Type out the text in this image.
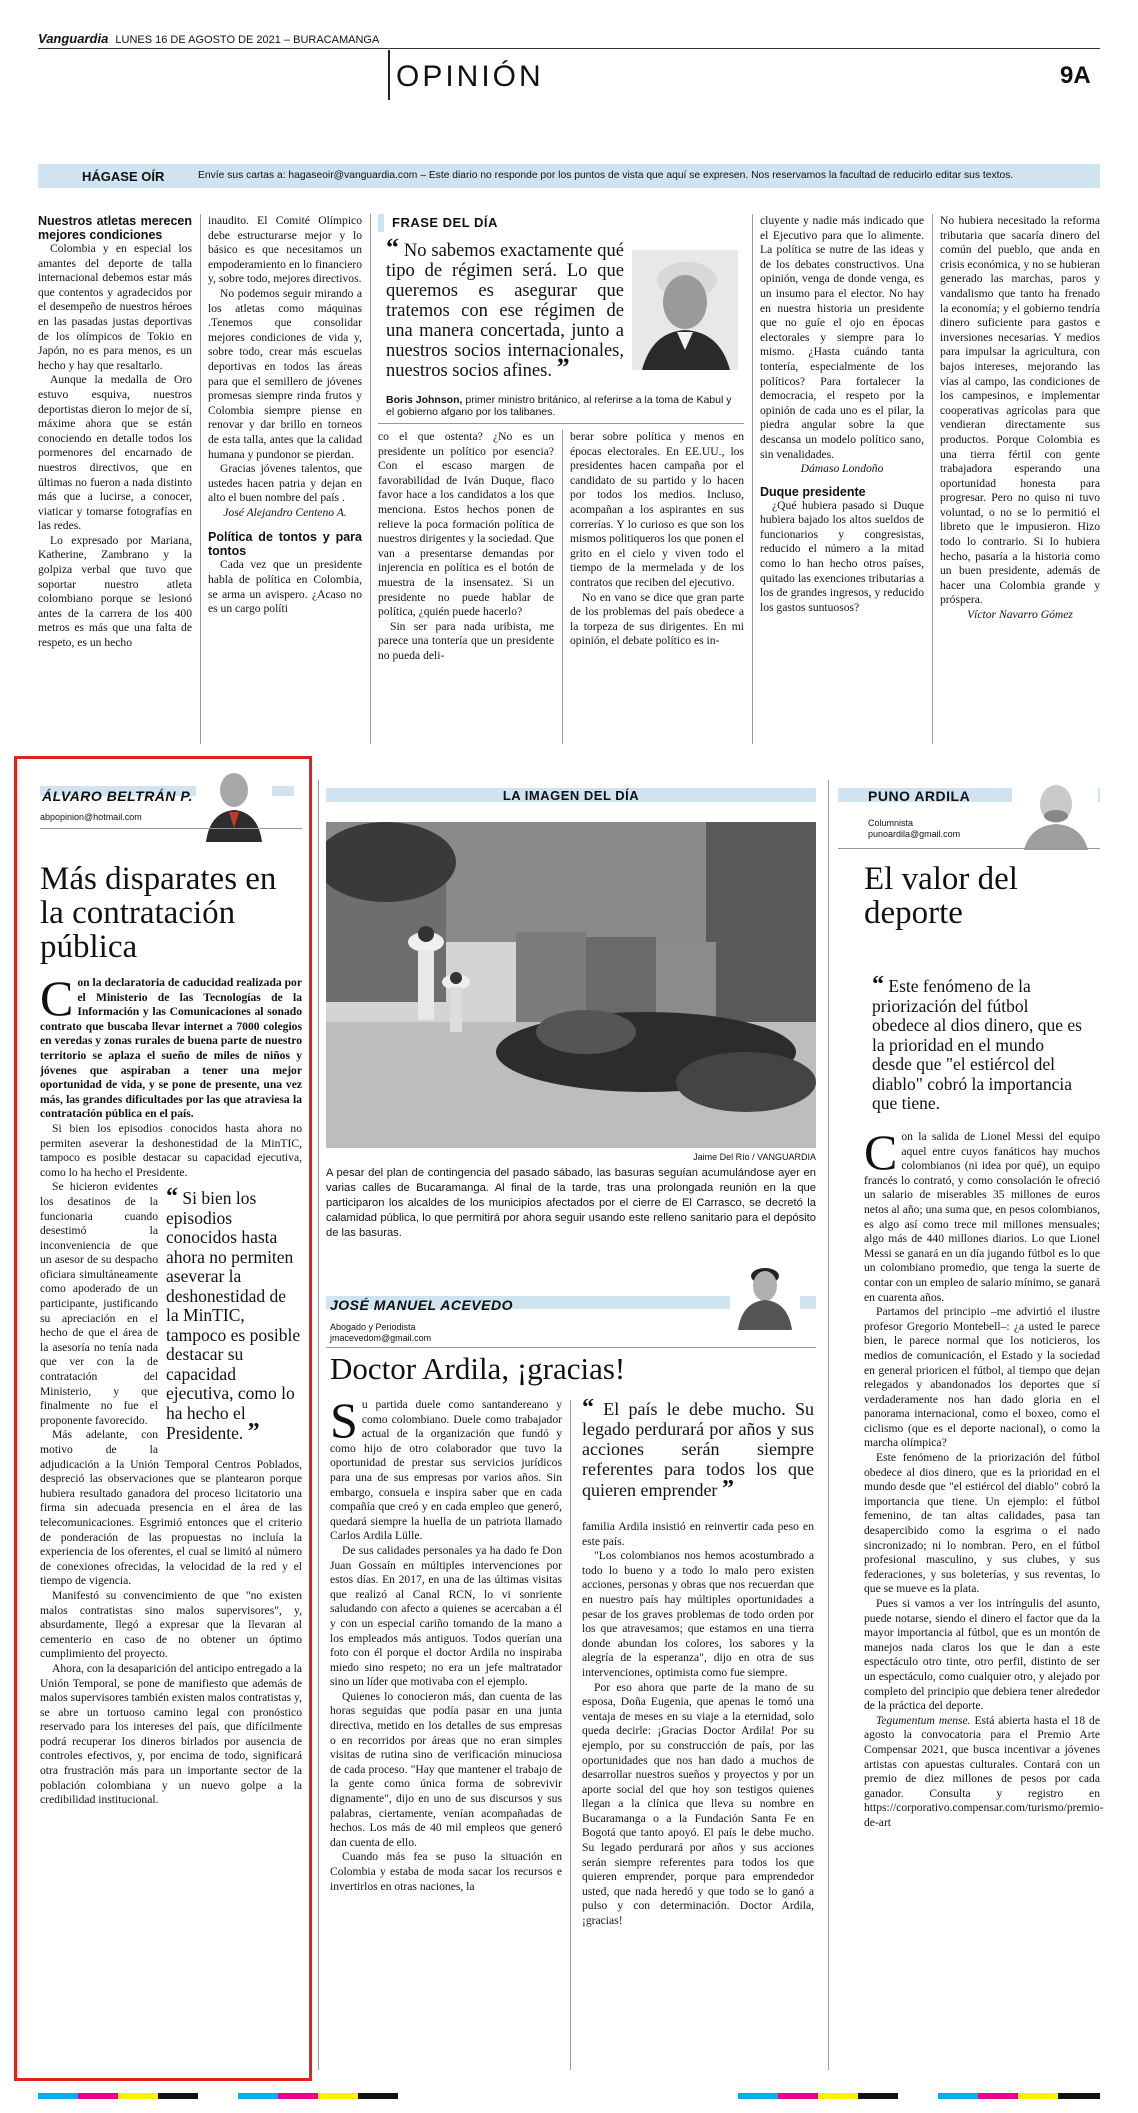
Vanguardia LUNES 16 DE AGOSTO DE 2021 – BURACAMANGA
OPINIÓN	9A
HÁGASE OÍR	Envíe sus cartas a: hagaseoir@vanguardia.com – Este diario no responde por los puntos de vista que aquí se expresen. Nos reservamos la facultad de reducirlo editar sus textos.
Nuestros atletas merecen mejores condiciones

Colombia y en especial los amantes del deporte de talla internacional debemos estar más que contentos y agradecidos por el desempeño de nuestros héroes en las pasadas justas deportivas de los olímpicos de Tokio en Japón, no es para menos, es un hecho y hay que resaltarlo.

Aunque la medalla de Oro estuvo esquiva, nuestros deportistas dieron lo mejor de sí, máxime ahora que se están conociendo en detalle todos los pormenores del encarnado de nuestros directivos, que en últimas no fueron a nada distinto más que a lucirse, a conocer, viaticar y tomarse fotografías en las redes.

Lo expresado por Mariana, Katherine, Zambrano y la golpiza verbal que tuvo que soportar nuestro atleta colombiano porque se lesionó antes de la carrera de los 400 metros es más que una falta de respeto, es un hecho

inaudito. El Comité Olímpico debe estructurarse mejor y lo básico es que necesitamos un empoderamiento en lo financiero y, sobre todo, mejores directivos.

No podemos seguir mirando a los atletas como máquinas .Tenemos que consolidar mejores condiciones de vida y, sobre todo, crear más escuelas deportivas en todos las áreas para que el semillero de jóvenes promesas siempre rinda frutos y Colombia siempre piense en renovar y dar brillo en torneos de esta talla, antes que la calidad humana y pundonor se pierdan.

Gracias jóvenes talentos, que ustedes hacen patria y dejan en alto el buen nombre del país .

José Alejandro Centeno A.

Política de tontos y para tontos

Cada vez que un presidente habla de política en Colombia, se arma un avispero. ¿Acaso no es un cargo políti

FRASE DEL DÍA
“ No sabemos exactamente qué tipo de régimen será. Lo que queremos es asegurar que tratemos con ese régimen de una manera concertada, junto a nuestros socios internacionales, nuestros socios afines. ”
Boris Johnson, primer ministro británico, al referirse a la toma de Kabul y el gobierno afgano por los talibanes.

co el que ostenta? ¿No es un presidente un político por esencia? Con el escaso margen de favorabilidad de Iván Duque, flaco favor hace a los candidatos a los que menciona. Estos hechos ponen de relieve la poca formación política de nuestros dirigentes y la sociedad. Que van a presentarse demandas por injerencia en política es el botón de muestra de la insensatez. Si un presidente no puede hablar de política, ¿quién puede hacerlo?

Sin ser para nada uribista, me parece una tontería que un presidente no pueda deli-

berar sobre política y menos en épocas electorales. En EE.UU., los presidentes hacen campaña por el candidato de su partido y lo hacen por todos los medios. Incluso, acompañan a los aspirantes en sus correrías. Y lo curioso es que son los mismos politiqueros los que ponen el grito en el cielo y viven todo el tiempo de la mermelada y de los contratos que reciben del ejecutivo.

No en vano se dice que gran parte de los problemas del país obedece a la torpeza de sus dirigentes. En mi opinión, el debate político es in-

cluyente y nadie más indicado que el Ejecutivo para que lo alimente. La política se nutre de las ideas y de los debates constructivos. Una opinión, venga de donde venga, es un insumo para el elector. No hay en nuestra historia un presidente que no guíe el ojo en épocas electorales y siempre para lo mismo. ¿Hasta cuándo tanta tontería, especialmente de los políticos? Para fortalecer la democracia, el respeto por la opinión de cada uno es el pilar, la piedra angular sobre la que descansa un modelo político sano, sin venalidades.

Dámaso Londoño

Duque presidente

¿Qué hubiera pasado si Duque hubiera bajado los altos sueldos de funcionarios y congresistas, reducido el número a la mitad como lo han hecho otros países, quitado las exenciones tributarias a los de grandes ingresos, y reducido los gastos suntuosos?

No hubiera necesitado la reforma tributaria que sacaría dinero del común del pueblo, que anda en crisis económica, y no se hubieran generado las marchas, paros y vandalismo que tanto ha frenado la economía; y el gobierno tendría dinero suficiente para gastos e inversiones necesarias. Y medios para impulsar la agricultura, con bajos intereses, mejorando las vías al campo, las condiciones de los campesinos, e implementar cooperativas agrícolas para que vendieran directamente sus productos. Porque Colombia es una tierra fértil con gente trabajadora esperando una oportunidad honesta para progresar. Pero no quiso ni tuvo voluntad, o no se lo permitió el libreto que le impusieron. Hizo todo lo contrario. Si lo hubiera hecho, pasaría a la historia como un buen presidente, además de hacer una Colombia grande y próspera.

Víctor Navarro Gómez

ÁLVARO BELTRÁN P.
abpopinion@hotmail.com
Más disparates en la contratación pública

C on la declaratoria de caducidad realizada por el Ministerio de las Tecnologías de la Información y las Comunicaciones al sonado contrato que buscaba llevar internet a 7000 colegios en veredas y zonas rurales de buena parte de nuestro territorio se aplaza el sueño de miles de niños y jóvenes que aspiraban a tener una mejor oportunidad de vida, y se pone de presente, una vez más, las grandes dificultades por las que atraviesa la contratación pública en el país.

Si bien los episodios conocidos hasta ahora no permiten aseverar la deshonestidad de la MinTIC, tampoco es posible destacar su capacidad ejecutiva, como lo ha hecho el Presidente.

“ Si bien los episodios conocidos hasta ahora no permiten aseverar la deshonestidad de la MinTIC, tampoco es posible destacar su capacidad ejecutiva, como lo ha hecho el Presidente. ”

Se hicieron evidentes los desatinos de la funcionaria cuando desestimó la inconveniencia de que un asesor de su despacho oficiara simultáneamente como apoderado de un participante, justificando su apreciación en el hecho de que el área de la asesoría no tenía nada que ver con la de contratación del Ministerio, y que finalmente no fue el proponente favorecido.

Más adelante, con motivo de la adjudicación a la Unión Temporal Centros Poblados, despreció las observaciones que se plantearon porque hubiera resultado ganadora del proceso licitatorio una firma sin adecuada presencia en el área de las telecomunicaciones. Esgrimió entonces que el criterio de ponderación de las propuestas no incluía la experiencia de los oferentes, el cual se limitó al número de conexiones ofrecidas, la velocidad de la red y el tiempo de vigencia.

Manifestó su convencimiento de que "no existen malos contratistas sino malos supervisores", y, absurdamente, llegó a expresar que la llevaran al cementerio en caso de no obtener un óptimo cumplimiento del proyecto.

Ahora, con la desaparición del anticipo entregado a la Unión Temporal, se pone de manifiesto que además de malos supervisores también existen malos contratistas y, se abre un tortuoso camino legal con pronóstico reservado para los intereses del país, que difícilmente podrá recuperar los dineros birlados por ausencia de controles efectivos, y, por encima de todo, significará otra frustración más para un importante sector de la población colombiana y un nuevo golpe a la credibilidad institucional.

LA IMAGEN DEL DÍA
Jaime Del Río / VANGUARDIA
A pesar del plan de contingencia del pasado sábado, las basuras seguían acumulándose ayer en varias calles de Bucaramanga. Al final de la tarde, tras una prolongada reunión en la que participaron los alcaldes de los municipios afectados por el cierre de El Carrasco, se decretó la calamidad pública, lo que permitirá por ahora seguir usando este relleno sanitario para el depósito de las basuras.
JOSÉ MANUEL ACEVEDO
Abogado y Periodista
jmacevedom@gmail.com
Doctor Ardila, ¡gracias!

S u partida duele como santandereano y como colombiano. Duele como trabajador actual de la organización que fundó y como hijo de otro colaborador que tuvo la oportunidad de prestar sus servicios jurídicos para una de sus empresas por varios años. Sin embargo, consuela e inspira saber que en cada compañía que creó y en cada empleo que generó, quedará siempre la huella de un patriota llamado Carlos Ardila Lülle.

De sus calidades personales ya ha dado fe Don Juan Gossaín en múltiples intervenciones por estos días. En 2017, en una de las últimas visitas que realizó al Canal RCN, lo vi sonriente saludando con afecto a quienes se acercaban a él y con un especial cariño tomando de la mano a los empleados más antiguos. Todos querían una foto con él porque el doctor Ardila no inspiraba miedo sino respeto; no era un jefe maltratador sino un líder que motivaba con el ejemplo.

Quienes lo conocieron más, dan cuenta de las horas seguidas que podía pasar en una junta directiva, metido en los detalles de sus empresas o en recorridos por áreas que no eran simples visitas de rutina sino de verificación minuciosa de cada proceso. "Hay que mantener el trabajo de la gente como única forma de sobrevivir dignamente", dijo en uno de sus discursos y sus palabras, ciertamente, venían acompañadas de hechos. Los más de 40 mil empleos que generó dan cuenta de ello.

Cuando más fea se puso la situación en Colombia y estaba de moda sacar los recursos e invertirlos en otras naciones, la

“ El país le debe mucho. Su legado perdurará por años y sus acciones serán siempre referentes para todos los que quieren emprender ”

familia Ardila insistió en reinvertir cada peso en este país.

"Los colombianos nos hemos acostumbrado a todo lo bueno y a todo lo malo pero existen acciones, personas y obras que nos recuerdan que en nuestro país hay múltiples oportunidades a pesar de los graves problemas de todo orden por los que atravesamos; que estamos en una tierra donde abundan los colores, los sabores y la alegría de la esperanza", dijo en otra de sus intervenciones, optimista como fue siempre.

Por eso ahora que parte de la mano de su esposa, Doña Eugenia, que apenas le tomó una ventaja de meses en su viaje a la eternidad, solo queda decirle: ¡Gracias Doctor Ardila! Por su ejemplo, por su construcción de país, por las oportunidades que nos han dado a muchos de desarrollar nuestros sueños y proyectos y por un aporte social del que hoy son testigos quienes llegan a la clínica que lleva su nombre en Bucaramanga o a la Fundación Santa Fe en Bogotá que tanto apoyó. El país le debe mucho. Su legado perdurará por años y sus acciones serán siempre referentes para todos los que quieren emprender, porque para emprendedor usted, que nada heredó y que todo se lo ganó a pulso y con determinación. Doctor Ardila, ¡gracias!

PUNO ARDILA
Columnista
punoardila@gmail.com
El valor del deporte
“ Este fenómeno de la priorización del fútbol obedece al dios dinero, que es la prioridad en el mundo desde que "el estiércol del diablo" cobró la importancia que tiene.

C on la salida de Lionel Messi del equipo aquel entre cuyos fanáticos hay muchos colombianos (ni idea por qué), un equipo francés lo contrató, y como consolación le ofreció un salario de miserables 35 millones de euros netos al año; una suma que, en pesos colombianos, es algo así como trece mil millones mensuales; algo más de 440 millones diarios. Lo que Lionel Messi se ganará en un día jugando fútbol es lo que un colombiano promedio, que tenga la suerte de contar con un empleo de salario mínimo, se ganará en cuarenta años.

Partamos del principio –me advirtió el ilustre profesor Gregorio Montebell–: ¿a usted le parece bien, le parece normal que los noticieros, los medios de comunicación, el Estado y la sociedad en general prioricen el fútbol, al tiempo que dejan relegados y abandonados los deportes que sí verdaderamente nos han dado gloria en el panorama internacional, como el boxeo, como el ciclismo (que es el deporte nacional), o como la marcha olímpica?

Este fenómeno de la priorización del fútbol obedece al dios dinero, que es la prioridad en el mundo desde que "el estiércol del diablo" cobró la importancia que tiene. Un ejemplo: el fútbol femenino, de tan altas calidades, pasa tan desapercibido como la esgrima o el nado sincronizado; ni lo nombran. Pero, en el fútbol profesional masculino, y sus clubes, y sus federaciones, y sus boleterías, y sus reventas, lo que se mueve es la plata.

Pues si vamos a ver los intríngulis del asunto, puede notarse, siendo el dinero el factor que da la mayor importancia al fútbol, que es un montón de manejos nada claros los que le dan a este espectáculo otro tinte, otro perfil, distinto de ser un espectáculo, como cualquier otro, y alejado por completo del principio que debiera tener alrededor de la práctica del deporte.

Tegumentum mense. Está abierta hasta el 18 de agosto la convocatoria para el Premio Arte Compensar 2021, que busca incentivar a jóvenes artistas con apuestas culturales. Contará con un premio de diez millones de pesos por cada ganador. Consulta y registro en https://corporativo.compensar.com/turismo/premio-de-art
